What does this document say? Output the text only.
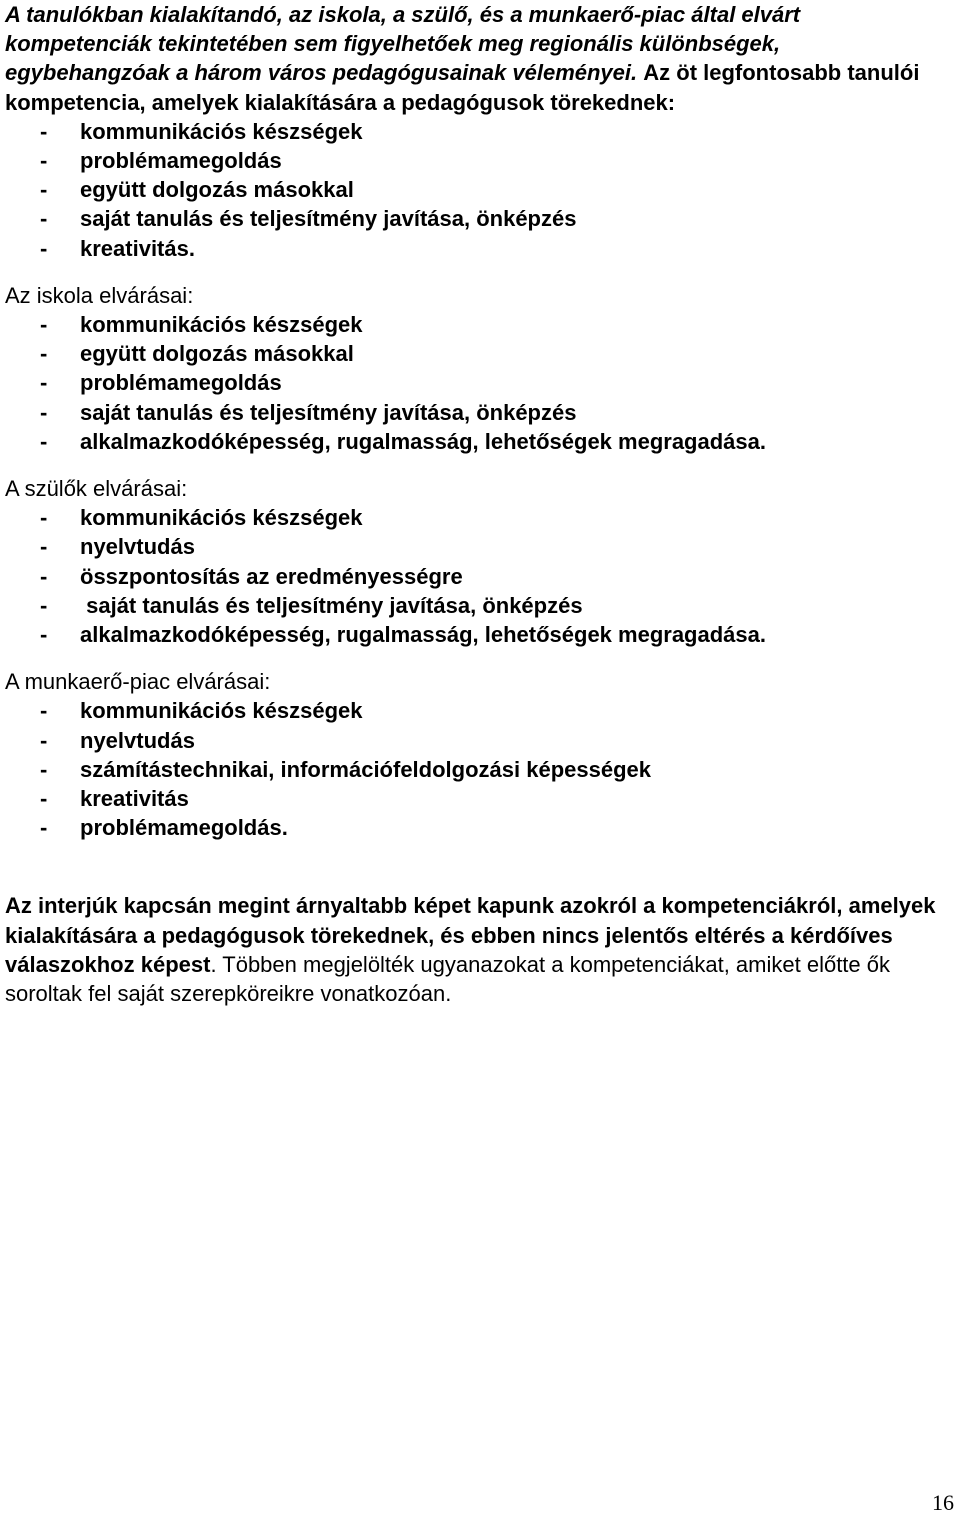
A tanulókban kialakítandó, az iskola, a szülő, és a munkaerő-piac által elvárt kompetenciák tekintetében sem figyelhetőek meg regionális különbségek, egybehangzóak a három város pedagógusainak véleményei. Az öt legfontosabb tanulói kompetencia, amelyek kialakítására a pedagógusok törekednek:

- kommunikációs készségek
- problémamegoldás
- együtt dolgozás másokkal
- saját tanulás és teljesítmény javítása, önképzés
- kreativitás.
Az iskola elvárásai:
- kommunikációs készségek
- együtt dolgozás másokkal
- problémamegoldás
- saját tanulás és teljesítmény javítása, önképzés
- alkalmazkodóképesség, rugalmasság, lehetőségek megragadása.
A szülők elvárásai:
- kommunikációs készségek
- nyelvtudás
- összpontosítás az eredményességre
- saját tanulás és teljesítmény javítása, önképzés
- alkalmazkodóképesség, rugalmasság, lehetőségek megragadása.
A munkaerő-piac elvárásai:
- kommunikációs készségek
- nyelvtudás
- számítástechnikai, információfeldolgozási képességek
- kreativitás
- problémamegoldás.

Az interjúk kapcsán megint árnyaltabb képet kapunk azokról a kompetenciákról, amelyek kialakítására a pedagógusok törekednek, és ebben nincs jelentős eltérés a kérdőíves válaszokhoz képest. Többen megjelölték ugyanazokat a kompetenciákat, amiket előtte ők soroltak fel saját szerepköreikre vonatkozóan.

16
